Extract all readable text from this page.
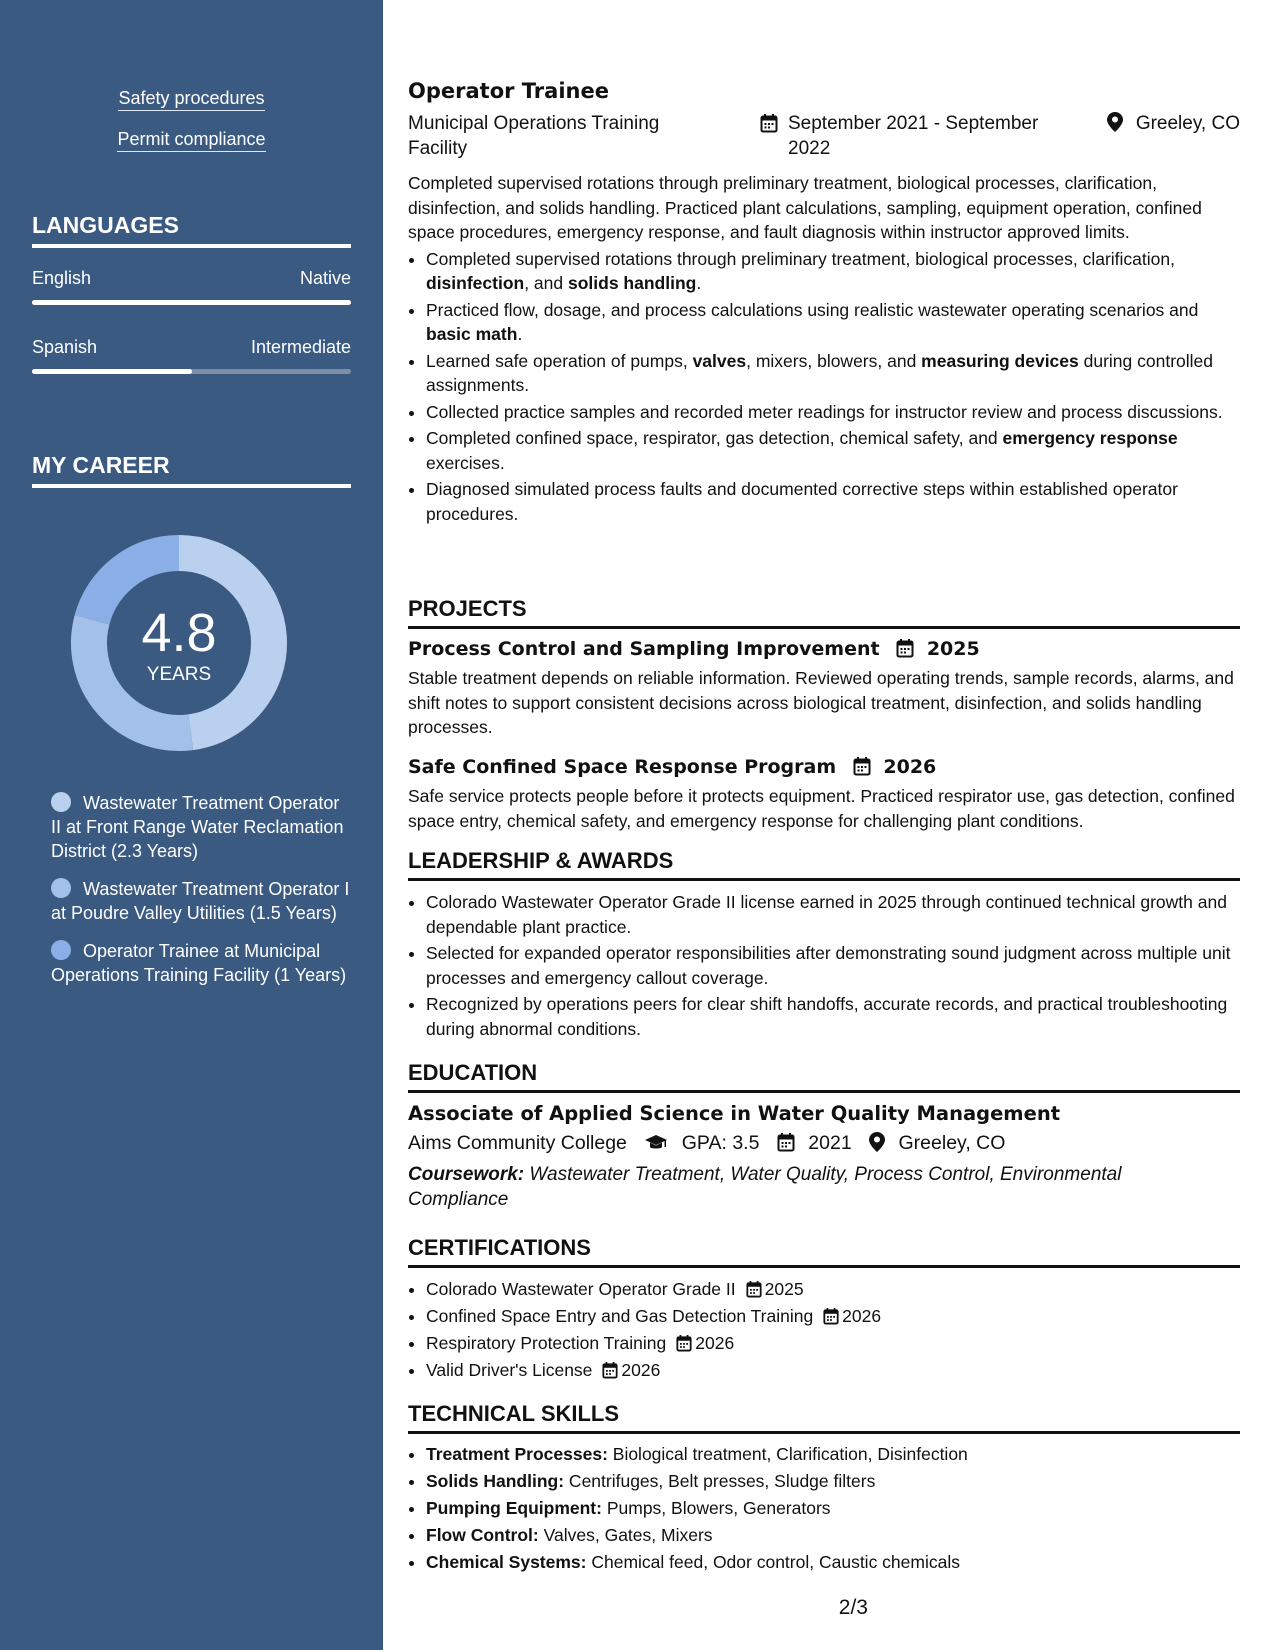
Safety procedures
Permit compliance
LANGUAGES
English	Native
Spanish	Intermediate
MY CAREER
4.8
YEARS
Wastewater Treatment Operator II at Front Range Water Reclamation District (2.3 Years)
Wastewater Treatment Operator I at Poudre Valley Utilities (1.5 Years)
Operator Trainee at Municipal Operations Training Facility (1 Years)
Operator Trainee
Municipal Operations Training Facility
September 2021 - September 2022
Greeley, CO

Completed supervised rotations through preliminary treatment, biological processes, clarification, disinfection, and solids handling. Practiced plant calculations, sampling, equipment operation, confined space procedures, emergency response, and fault diagnosis within instructor approved limits.

• Completed supervised rotations through preliminary treatment, biological processes, clarification, disinfection, and solids handling.
• Practiced flow, dosage, and process calculations using realistic wastewater operating scenarios and basic math.
• Learned safe operation of pumps, valves, mixers, blowers, and measuring devices during controlled assignments.
• Collected practice samples and recorded meter readings for instructor review and process discussions.
• Completed confined space, respirator, gas detection, chemical safety, and emergency response exercises.
• Diagnosed simulated process faults and documented corrective steps within established operator procedures.
PROJECTS
Process Control and Sampling Improvement 2025
Stable treatment depends on reliable information. Reviewed operating trends, sample records, alarms, and shift notes to support consistent decisions across biological treatment, disinfection, and solids handling processes.
Safe Confined Space Response Program 2026
Safe service protects people before it protects equipment. Practiced respirator use, gas detection, confined space entry, chemical safety, and emergency response for challenging plant conditions.
LEADERSHIP & AWARDS
• Colorado Wastewater Operator Grade II license earned in 2025 through continued technical growth and dependable plant practice.
• Selected for expanded operator responsibilities after demonstrating sound judgment across multiple unit processes and emergency callout coverage.
• Recognized by operations peers for clear shift handoffs, accurate records, and practical troubleshooting during abnormal conditions.
EDUCATION
Associate of Applied Science in Water Quality Management
Aims Community College	GPA: 3.5	2021 Greeley, CO
Coursework: Wastewater Treatment, Water Quality, Process Control, Environmental Compliance
CERTIFICATIONS
• Colorado Wastewater Operator Grade II 2025
• Confined Space Entry and Gas Detection Training 2026
• Respiratory Protection Training 2026
• Valid Driver's License 2026
TECHNICAL SKILLS
• Treatment Processes: Biological treatment, Clarification, Disinfection
• Solids Handling: Centrifuges, Belt presses, Sludge filters
• Pumping Equipment: Pumps, Blowers, Generators
• Flow Control: Valves, Gates, Mixers
• Chemical Systems: Chemical feed, Odor control, Caustic chemicals
2/3
